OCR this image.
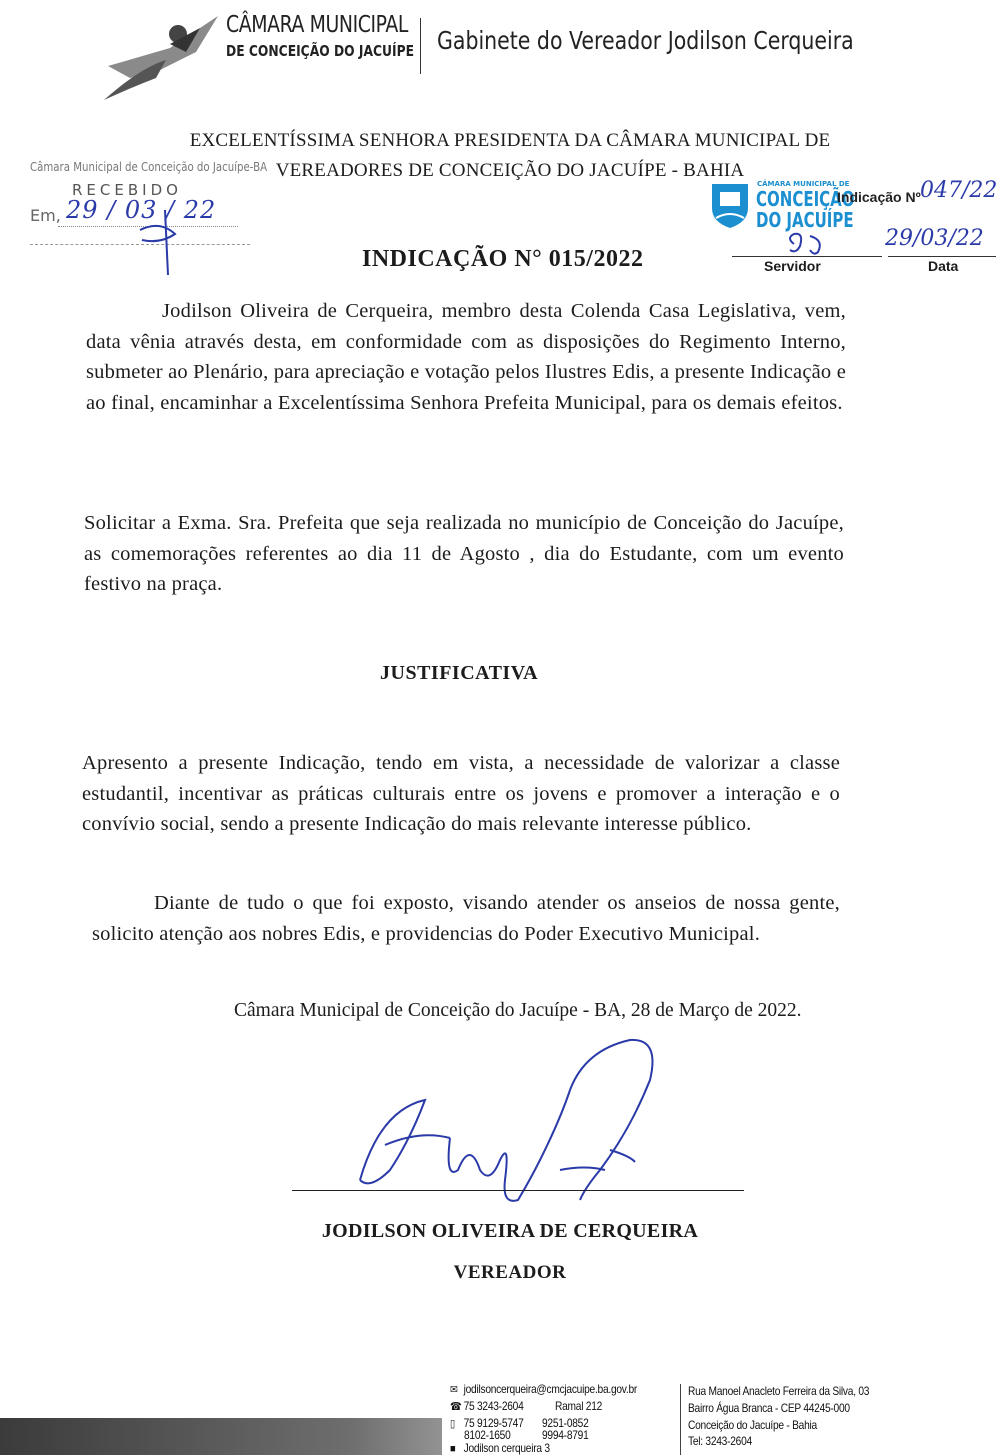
CÂMARA MUNICIPAL
DE CONCEIÇÃO DO JACUÍPE Gabinete do Vereador Jodilson Cerqueira
EXCELENTÍSSIMA SENHORA PRESIDENTA DA CÂMARA MUNICIPAL DE
VEREADORES DE CONCEIÇÃO DO JACUÍPE - BAHIA
Câmara Municipal de Conceição do Jacuípe-BA
RECEBIDO
Em, 29 / 03 / 22
CÂMARA MUNICIPAL DE
CONCEIÇÃO
DO JACUÍPE
Indicação Nº 047/22
29/03/22
Servidor	Data
INDICAÇÃO N° 015/2022
Jodilson Oliveira de Cerqueira, membro desta Colenda Casa Legislativa, vem, data vênia através desta, em conformidade com as disposições do Regimento Interno, submeter ao Plenário, para apreciação e votação pelos Ilustres Edis, a presente Indicação e ao final, encaminhar a Excelentíssima Senhora Prefeita Municipal, para os demais efeitos.
Solicitar a Exma. Sra. Prefeita que seja realizada no município de Conceição do Jacuípe, as comemorações referentes ao dia 11 de Agosto , dia do Estudante, com um evento festivo na praça.
JUSTIFICATIVA
Apresento a presente Indicação, tendo em vista, a necessidade de valorizar a classe estudantil, incentivar as práticas culturais entre os jovens e promover a interação e o convívio social, sendo a presente Indicação do mais relevante interesse público.
Diante de tudo o que foi exposto, visando atender os anseios de nossa gente, solicito atenção aos nobres Edis, e providencias do Poder Executivo Municipal.
Câmara Municipal de Conceição do Jacuípe - BA, 28 de Março de 2022.
JODILSON OLIVEIRA DE CERQUEIRA
VEREADOR
✉ jodilsoncerqueira@cmcjacuipe.ba.gov.br
☎ 75 3243-2604	Ramal 212
▯ 75 9129-5747 9251-0852
8102-1650	9994-8791
■ Jodilson cerqueira 3
Rua Manoel Anacleto Ferreira da Silva, 03
Bairro Água Branca - CEP 44245-000
Conceição do Jacuípe - Bahia
Tel: 3243-2604
